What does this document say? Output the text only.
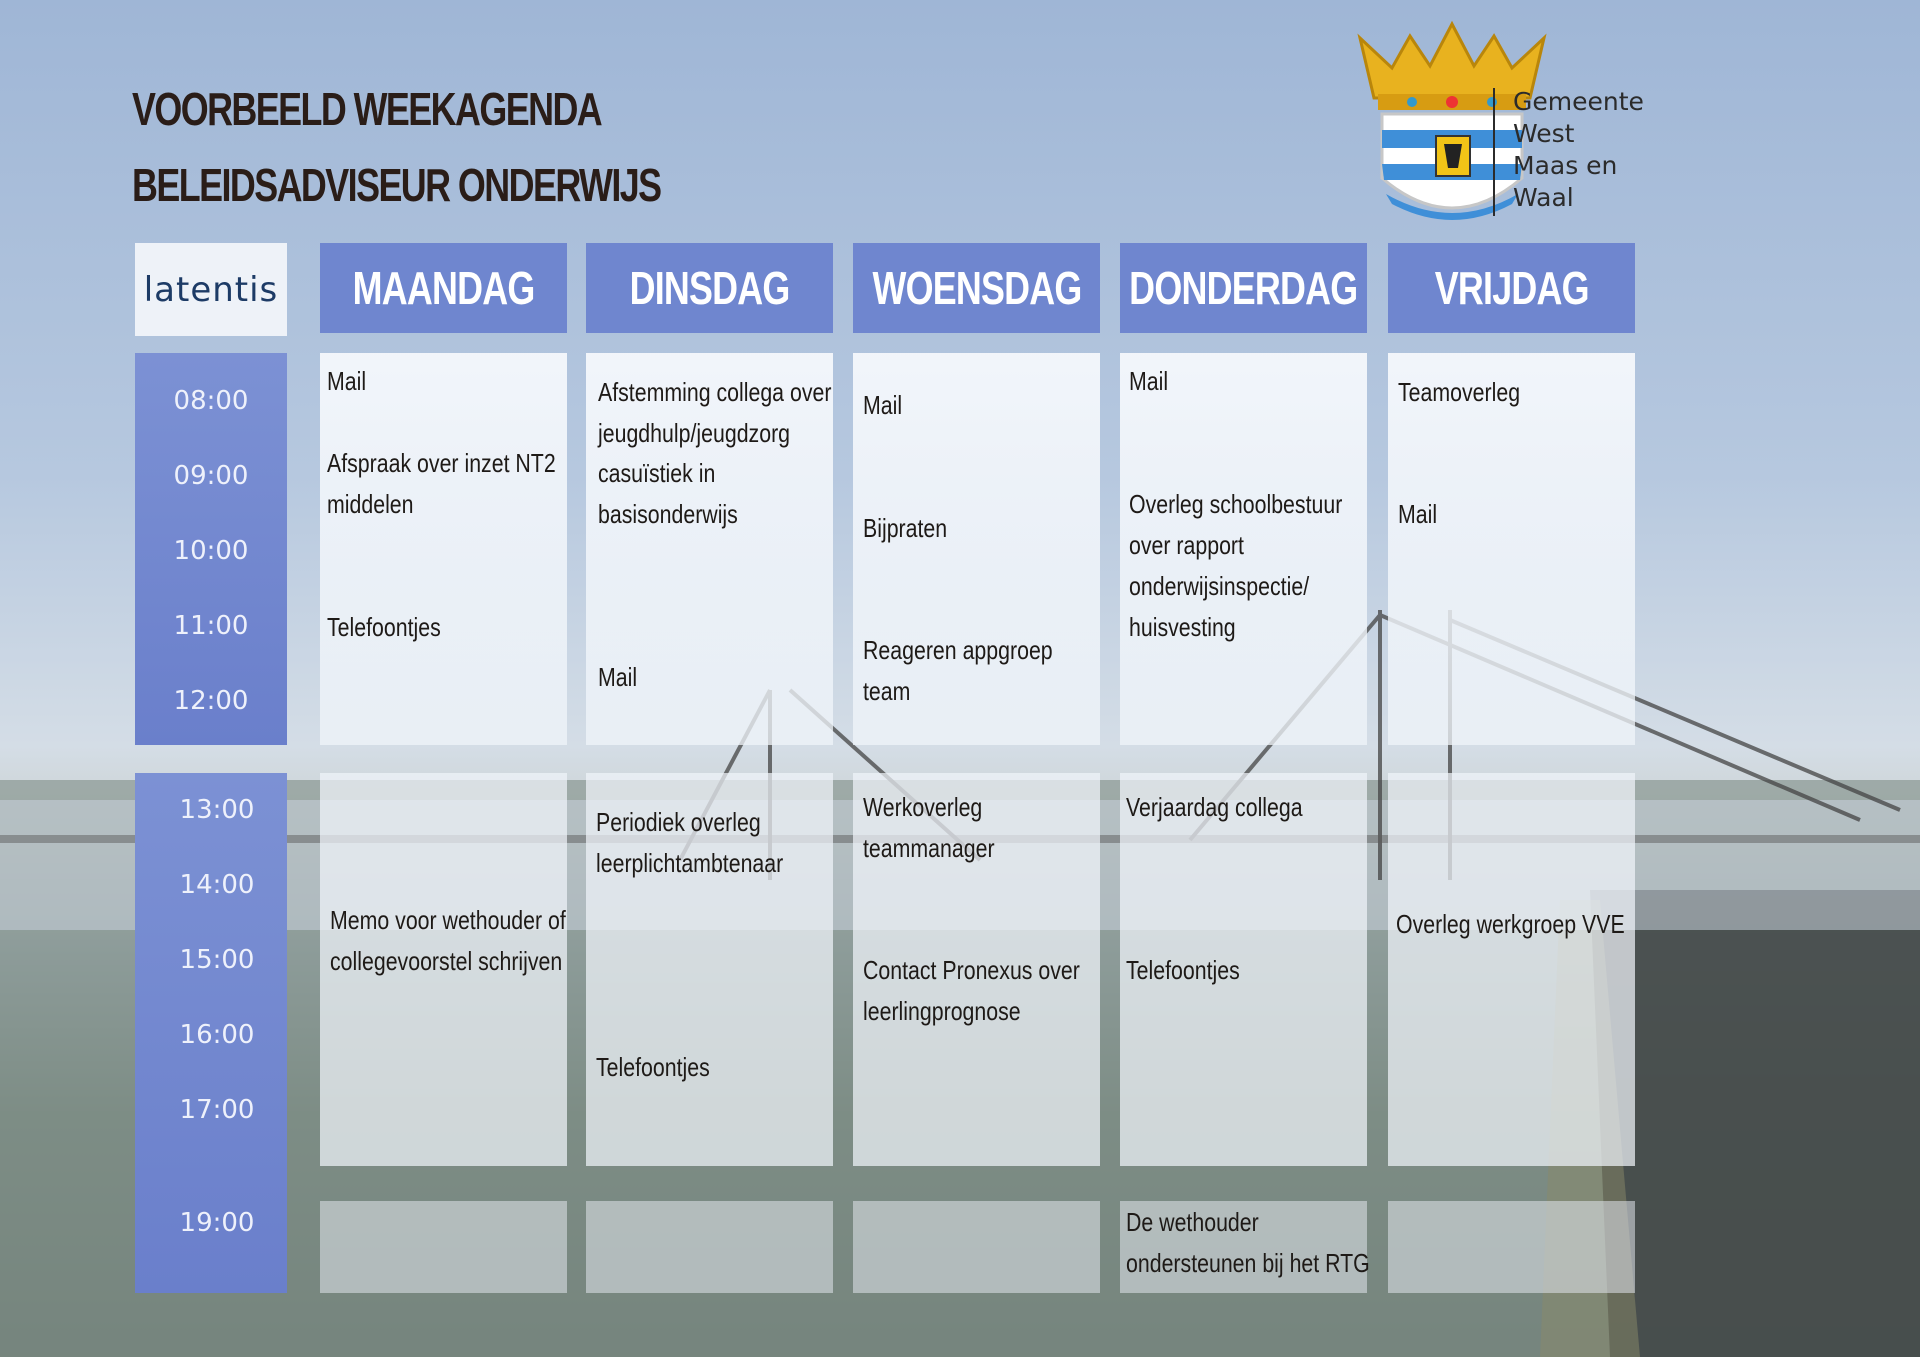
VOORBEELD WEEKAGENDA
BELEIDSADVISEUR ONDERWIJS
Gemeente
West
Maas en
Waal
latentis MAANDAG DINSDAG WOENSDAG DONDERDAG VRIJDAG
08:00
09:00
10:00
11:00
12:00
13:00
14:00
15:00
16:00
17:00
19:00
Mail
Afspraak over inzet NT2
middelen
Telefoontjes
Memo voor wethouder of
collegevoorstel schrijven
Afstemming collega over
jeugdhulp/jeugdzorg
casuïstiek in
basisonderwijs
Mail
Periodiek overleg
leerplichtambtenaar
Telefoontjes
Mail
Bijpraten
Reageren appgroep
team
Werkoverleg
teammanager
Contact Pronexus over
leerlingprognose
Mail
Overleg schoolbestuur
over rapport
onderwijsinspectie/
huisvesting
Verjaardag collega
Telefoontjes
De wethouder
ondersteunen bij het RTG
Teamoverleg
Mail
Overleg werkgroep VVE
